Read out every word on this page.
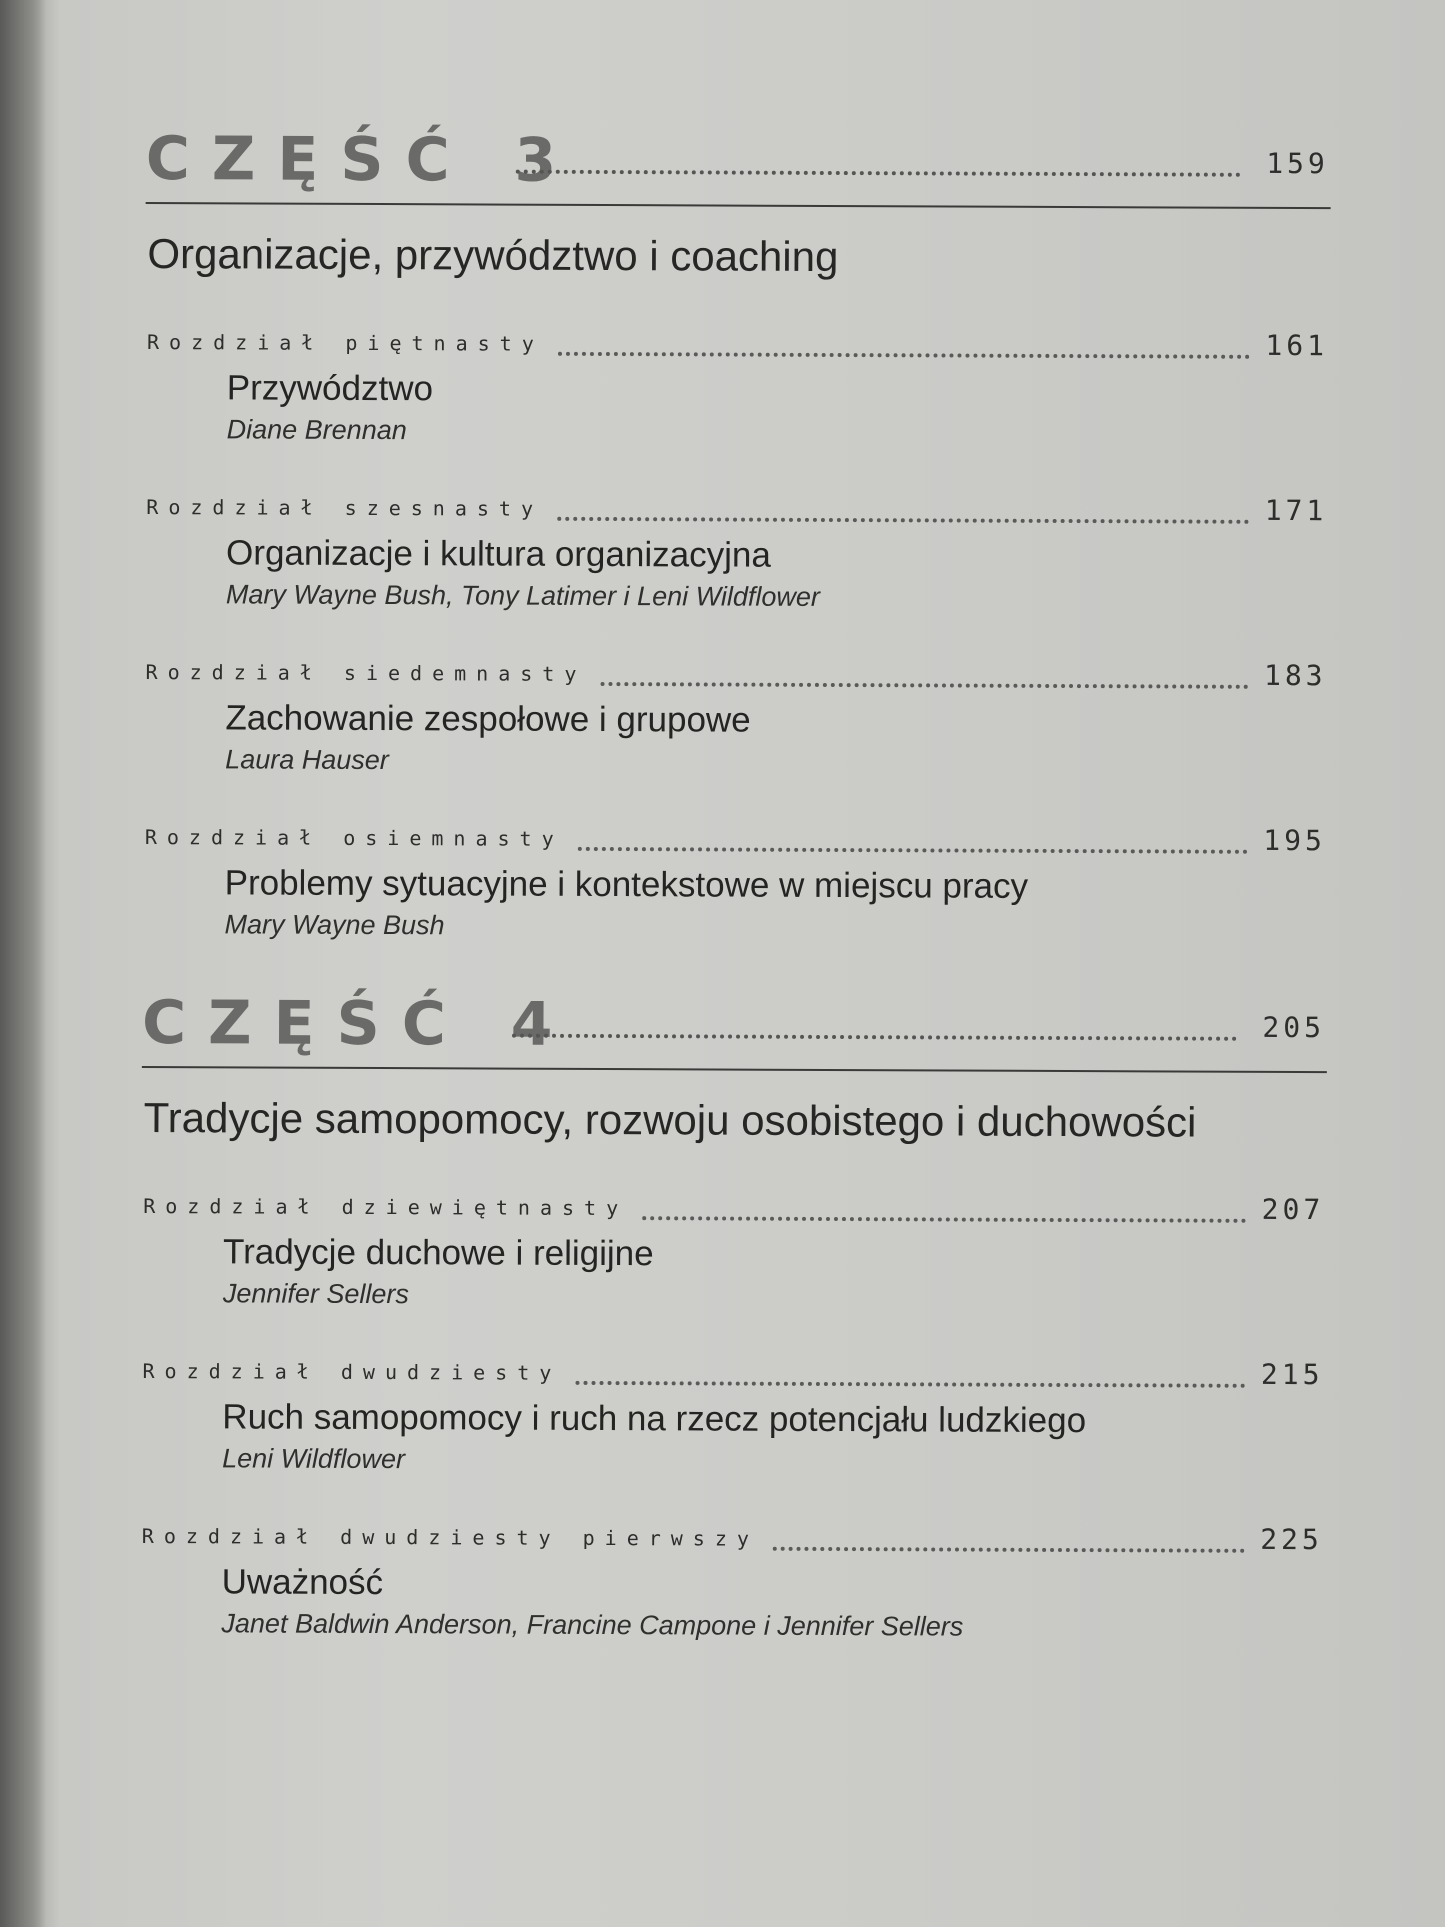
CZĘŚĆ 3	159
Organizacje, przywództwo i coaching
Rozdział piętnasty	161
Przywództwo
Diane Brennan
Rozdział szesnasty	171
Organizacje i kultura organizacyjna
Mary Wayne Bush, Tony Latimer i Leni Wildflower
Rozdział siedemnasty	183
Zachowanie zespołowe i grupowe
Laura Hauser
Rozdział osiemnasty	195
Problemy sytuacyjne i kontekstowe w miejscu pracy
Mary Wayne Bush
CZĘŚĆ 4	205
Tradycje samopomocy, rozwoju osobistego i duchowości
Rozdział dziewiętnasty	207
Tradycje duchowe i religijne
Jennifer Sellers
Rozdział dwudziesty	215
Ruch samopomocy i ruch na rzecz potencjału ludzkiego
Leni Wildflower
Rozdział dwudziesty pierwszy	225
Uważność
Janet Baldwin Anderson, Francine Campone i Jennifer Sellers
